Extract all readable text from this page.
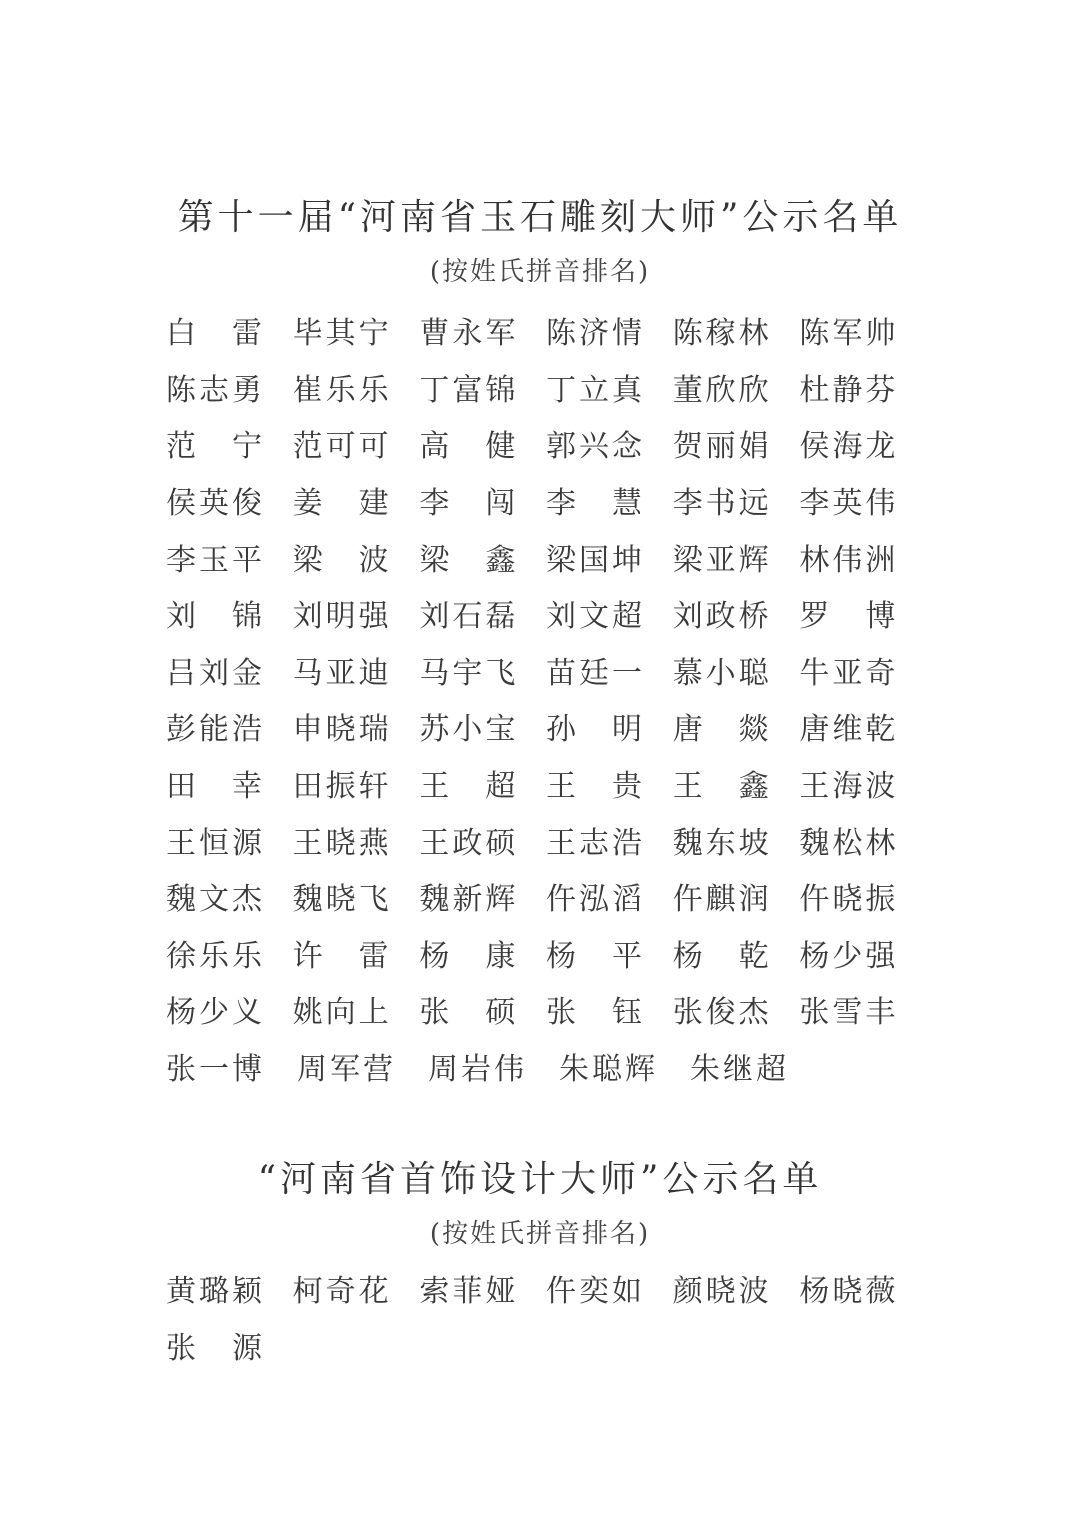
第十一届“河南省玉石雕刻大师”公示名单
(按姓氏拼音排名)
白 雷 毕其宁 曹永军 陈济情 陈稼林 陈军帅
陈志勇 崔乐乐 丁富锦 丁立真 董欣欣 杜静芬
范 宁 范可可 高 健 郭兴念 贺丽娟 侯海龙
侯英俊 姜 建 李 闯 李 慧 李书远 李英伟
李玉平 梁 波 梁 鑫 梁国坤 梁亚辉 林伟洲
刘 锦 刘明强 刘石磊 刘文超 刘政桥 罗 博
吕刘金 马亚迪 马宇飞 苗廷一 慕小聪 牛亚奇
彭能浩 申晓瑞 苏小宝 孙 明 唐 燚 唐维乾
田 幸 田振轩 王 超 王 贵 王 鑫 王海波
王恒源 王晓燕 王政硕 王志浩 魏东坡 魏松林
魏文杰 魏晓飞 魏新辉 仵泓滔 仵麒润 仵晓振
徐乐乐 许 雷 杨 康 杨 平 杨 乾 杨少强
杨少义 姚向上 张 硕 张 钰 张俊杰 张雪丰
张一博 周军营 周岩伟 朱聪辉 朱继超
“河南省首饰设计大师”公示名单
(按姓氏拼音排名)
黄璐颖 柯奇花 索菲娅 仵奕如 颜晓波 杨晓薇
张 源
